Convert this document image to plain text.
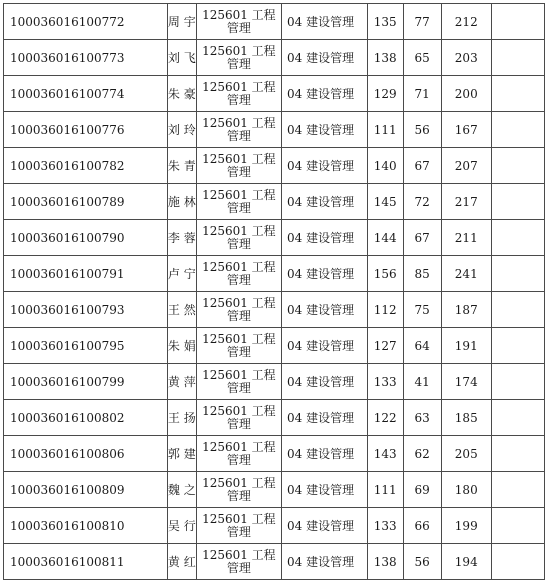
100036016100772	周 宇	125601 工程
管理	04 建设管理	135	77	212	
100036016100773	刘 飞	125601 工程
管理	04 建设管理	138	65	203	
100036016100774	朱 豪	125601 工程
管理	04 建设管理	129	71	200	
100036016100776	刘 玲	125601 工程
管理	04 建设管理	111	56	167	
100036016100782	朱 青	125601 工程
管理	04 建设管理	140	67	207	
100036016100789	施 林	125601 工程
管理	04 建设管理	145	72	217	
100036016100790	李 蓉	125601 工程
管理	04 建设管理	144	67	211	
100036016100791	卢 宁	125601 工程
管理	04 建设管理	156	85	241	
100036016100793	王 然	125601 工程
管理	04 建设管理	112	75	187	
100036016100795	朱 娟	125601 工程
管理	04 建设管理	127	64	191	
100036016100799	黄 萍	125601 工程
管理	04 建设管理	133	41	174	
100036016100802	王 扬	125601 工程
管理	04 建设管理	122	63	185	
100036016100806	郭 建	125601 工程
管理	04 建设管理	143	62	205	
100036016100809	魏 之	125601 工程
管理	04 建设管理	111	69	180	
100036016100810	吴 行	125601 工程
管理	04 建设管理	133	66	199	
100036016100811	黄 红	125601 工程
管理	04 建设管理	138	56	194	
